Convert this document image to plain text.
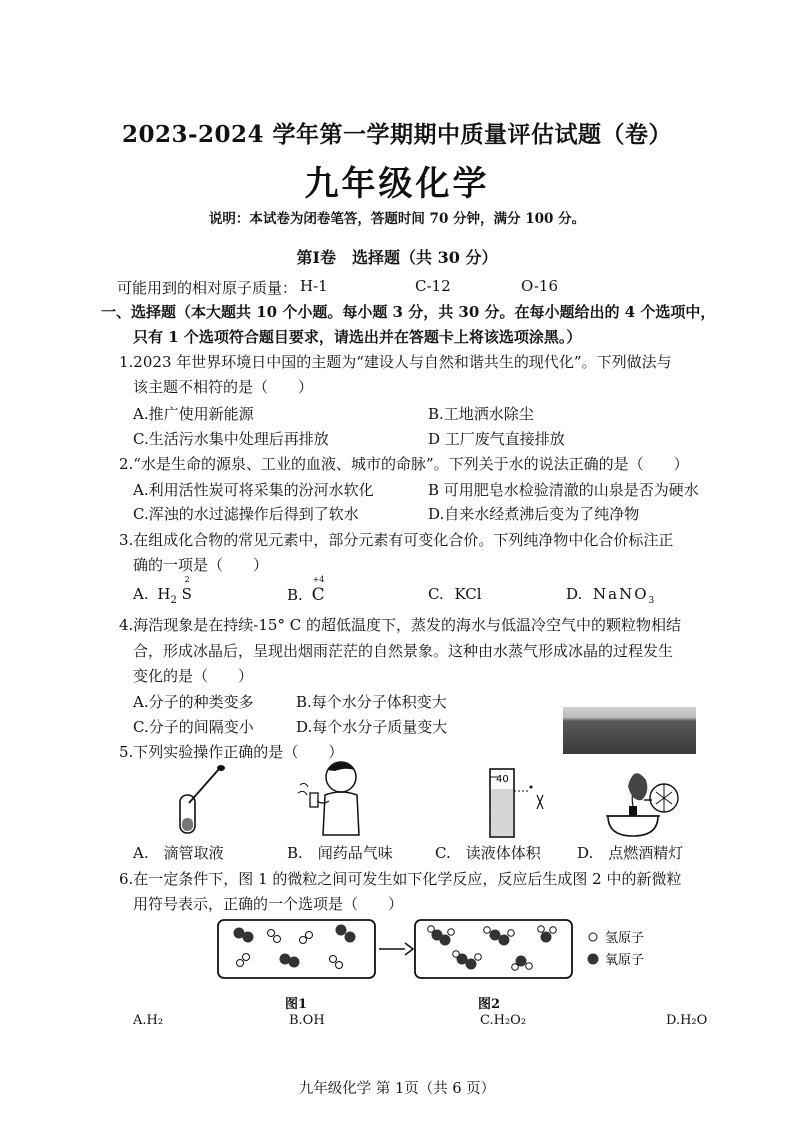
2023-2024 学年第一学期期中质量评估试题（卷）
九年级化学
说明：本试卷为闭卷笔答，答题时间 70 分钟，满分 100 分。
第Ⅰ卷　选择题（共 30 分）
可能用到的相对原子质量： H-1	C-12	O-16
一、选择题（本大题共 10 个小题。每小题 3 分，共 30 分。在每小题给出的 4 个选项中，
只有 1 个选项符合题目要求，请选出并在答题卡上将该选项涂黑。）
1.2023 年世界环境日中国的主题为“建设人与自然和谐共生的现代化”。下列做法与
该主题不相符的是（　　）
A.推广使用新能源	B.工地洒水除尘
C.生活污水集中处理后再排放	D 工厂废气直接排放
2.“水是生命的源泉、工业的血液、城市的命脉”。下列关于水的说法正确的是（　　）
A.利用活性炭可将采集的汾河水软化	B 可用肥皂水检验清澈的山泉是否为硬水
C.浑浊的水过滤操作后得到了软水	D.自来水经煮沸后变为了纯净物
3.在组成化合物的常见元素中，部分元素有可变化合价。下列纯净物中化合价标注正
确的一项是（　　）
A. $H_2$
2
S	B.
+4
C	C. KCl	D. NaNO$_3$
4.海浩现象是在持续-15° C 的超低温度下，蒸发的海水与低温冷空气中的颗粒物相结
合，形成冰晶后，呈现出烟雨茫茫的自然景象。这种由水蒸气形成冰晶的过程发生
变化的是（　　）
A.分子的种类变多	B.每个水分子体积变大
C.分子的间隔变小	D.每个水分子质量变大
5.下列实验操作正确的是（　　）
40
A.　滴管取液	B.　闻药品气味	C.　读液体体积 D.　点燃酒精灯
6.在一定条件下，图 1 的微粒之间可发生如下化学反应，反应后生成图 2 中的新微粒
用符号表示，正确的一个选项是（　　）
氢原子
氧原子
图1	图2
A.H₂	B.OH	C.H₂O₂	D.H₂O
九年级化学 第 1页（共 6 页）
